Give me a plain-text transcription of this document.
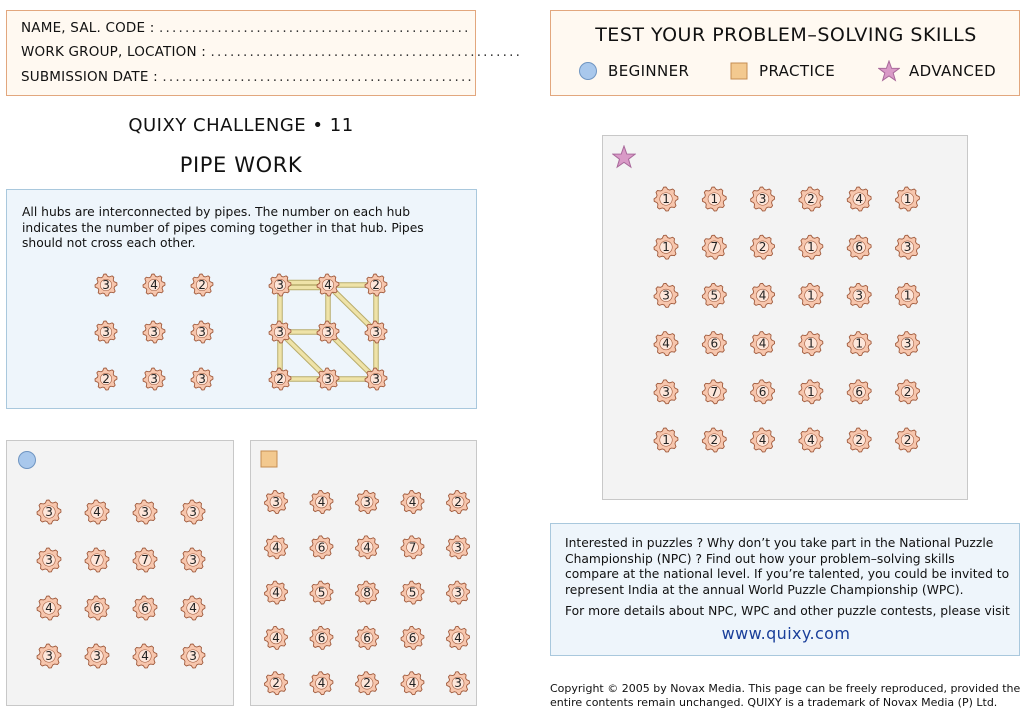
NAME, SAL. CODE : ................................................
WORK GROUP, LOCATION : ................................................
SUBMISSION DATE : ................................................
TEST YOUR PROBLEM–SOLVING SKILLS
BEGINNER	PRACTICE	ADVANCED
QUIXY CHALLENGE • 11
PIPE WORK
All hubs are interconnected by pipes. The number on each hub indicates the number of pipes coming together in that hub. Pipes should not cross each other.
3	4	2
3	3	3
2	3	3
3	4	2
3	3	3
2	3	3
3	4	3	3
3	7	7	3
4	6	6	4
3	3	4	3
3	4	3	4	2
4	6	4	7	3
4	5	8	5	3
4	6	6	6	4
2	4	2	4	3
1	1	3	2	4	1
1	7	2	1	6	3
3	5	4	1	3	1
4	6	4	1	1	3
3	7	6	1	6	2
1	2	4	4	2	2
Interested in puzzles ? Why don’t you take part in the National Puzzle Championship (NPC) ? Find out how your problem–solving skills compare at the national level. If you’re talented, you could be invited to represent India at the annual World Puzzle Championship (WPC).
For more details about NPC, WPC and other puzzle contests, please visit
www.quixy.com
Copyright © 2005 by Novax Media. This page can be freely reproduced, provided the entire contents remain unchanged. QUIXY is a trademark of Novax Media (P) Ltd.
